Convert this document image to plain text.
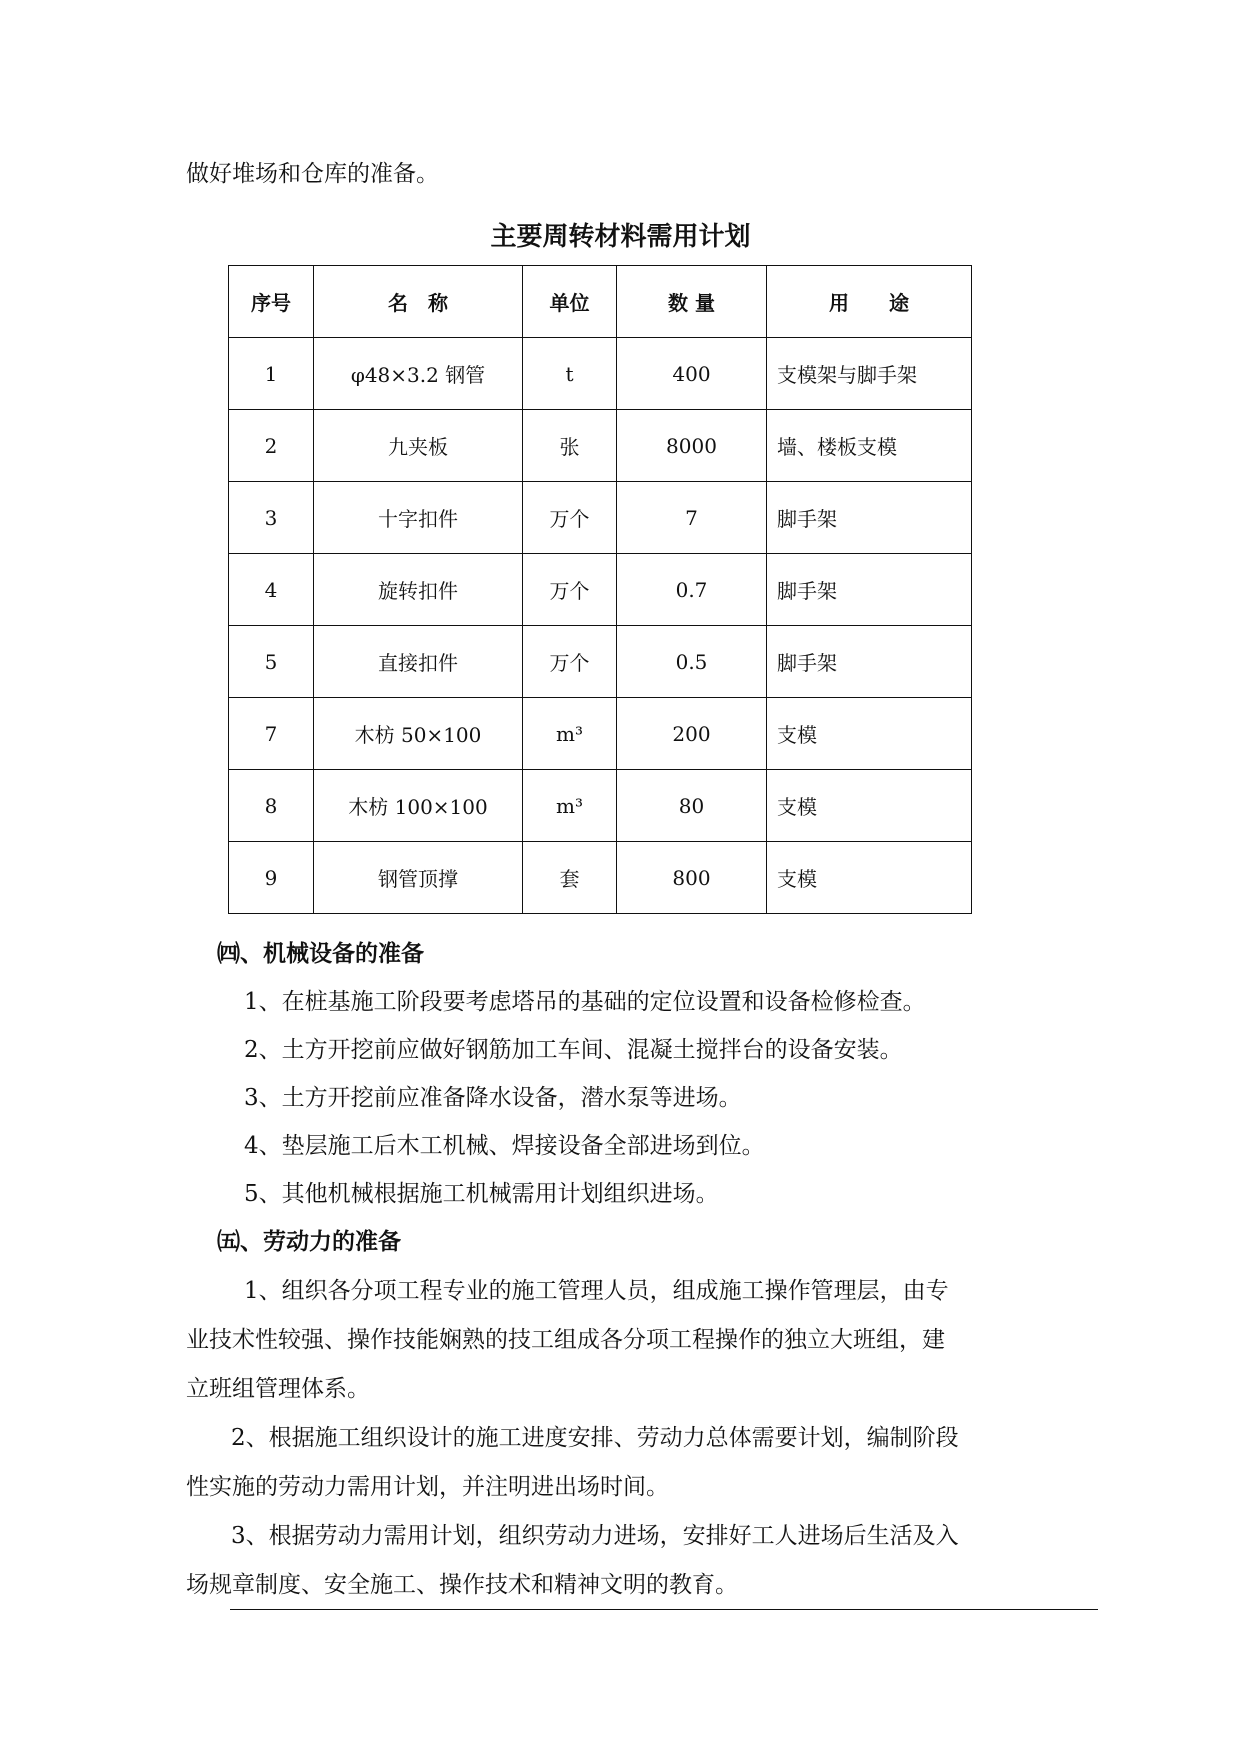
做好堆场和仓库的准备。
主要周转材料需用计划
序号	名　称	单位	数 量	用　　途
1	φ48×3.2 钢管	t	400	支模架与脚手架
2	九夹板	张	8000	墙、楼板支模
3	十字扣件	万个	7	脚手架
4	旋转扣件	万个	0.7	脚手架
5	直接扣件	万个	0.5	脚手架
7	木枋 50×100	m³	200	支模
8	木枋 100×100	m³	80	支模
9	钢管顶撑	套	800	支模
㈣、机械设备的准备
1、在桩基施工阶段要考虑塔吊的基础的定位设置和设备检修检查。
2、土方开挖前应做好钢筋加工车间、混凝土搅拌台的设备安装。
3、土方开挖前应准备降水设备，潜水泵等进场。
4、垫层施工后木工机械、焊接设备全部进场到位。
5、其他机械根据施工机械需用计划组织进场。
㈤、劳动力的准备
1、组织各分项工程专业的施工管理人员，组成施工操作管理层，由专
业技术性较强、操作技能娴熟的技工组成各分项工程操作的独立大班组，建
立班组管理体系。
2、根据施工组织设计的施工进度安排、劳动力总体需要计划，编制阶段
性实施的劳动力需用计划，并注明进出场时间。
3、根据劳动力需用计划，组织劳动力进场，安排好工人进场后生活及入
场规章制度、安全施工、操作技术和精神文明的教育。
